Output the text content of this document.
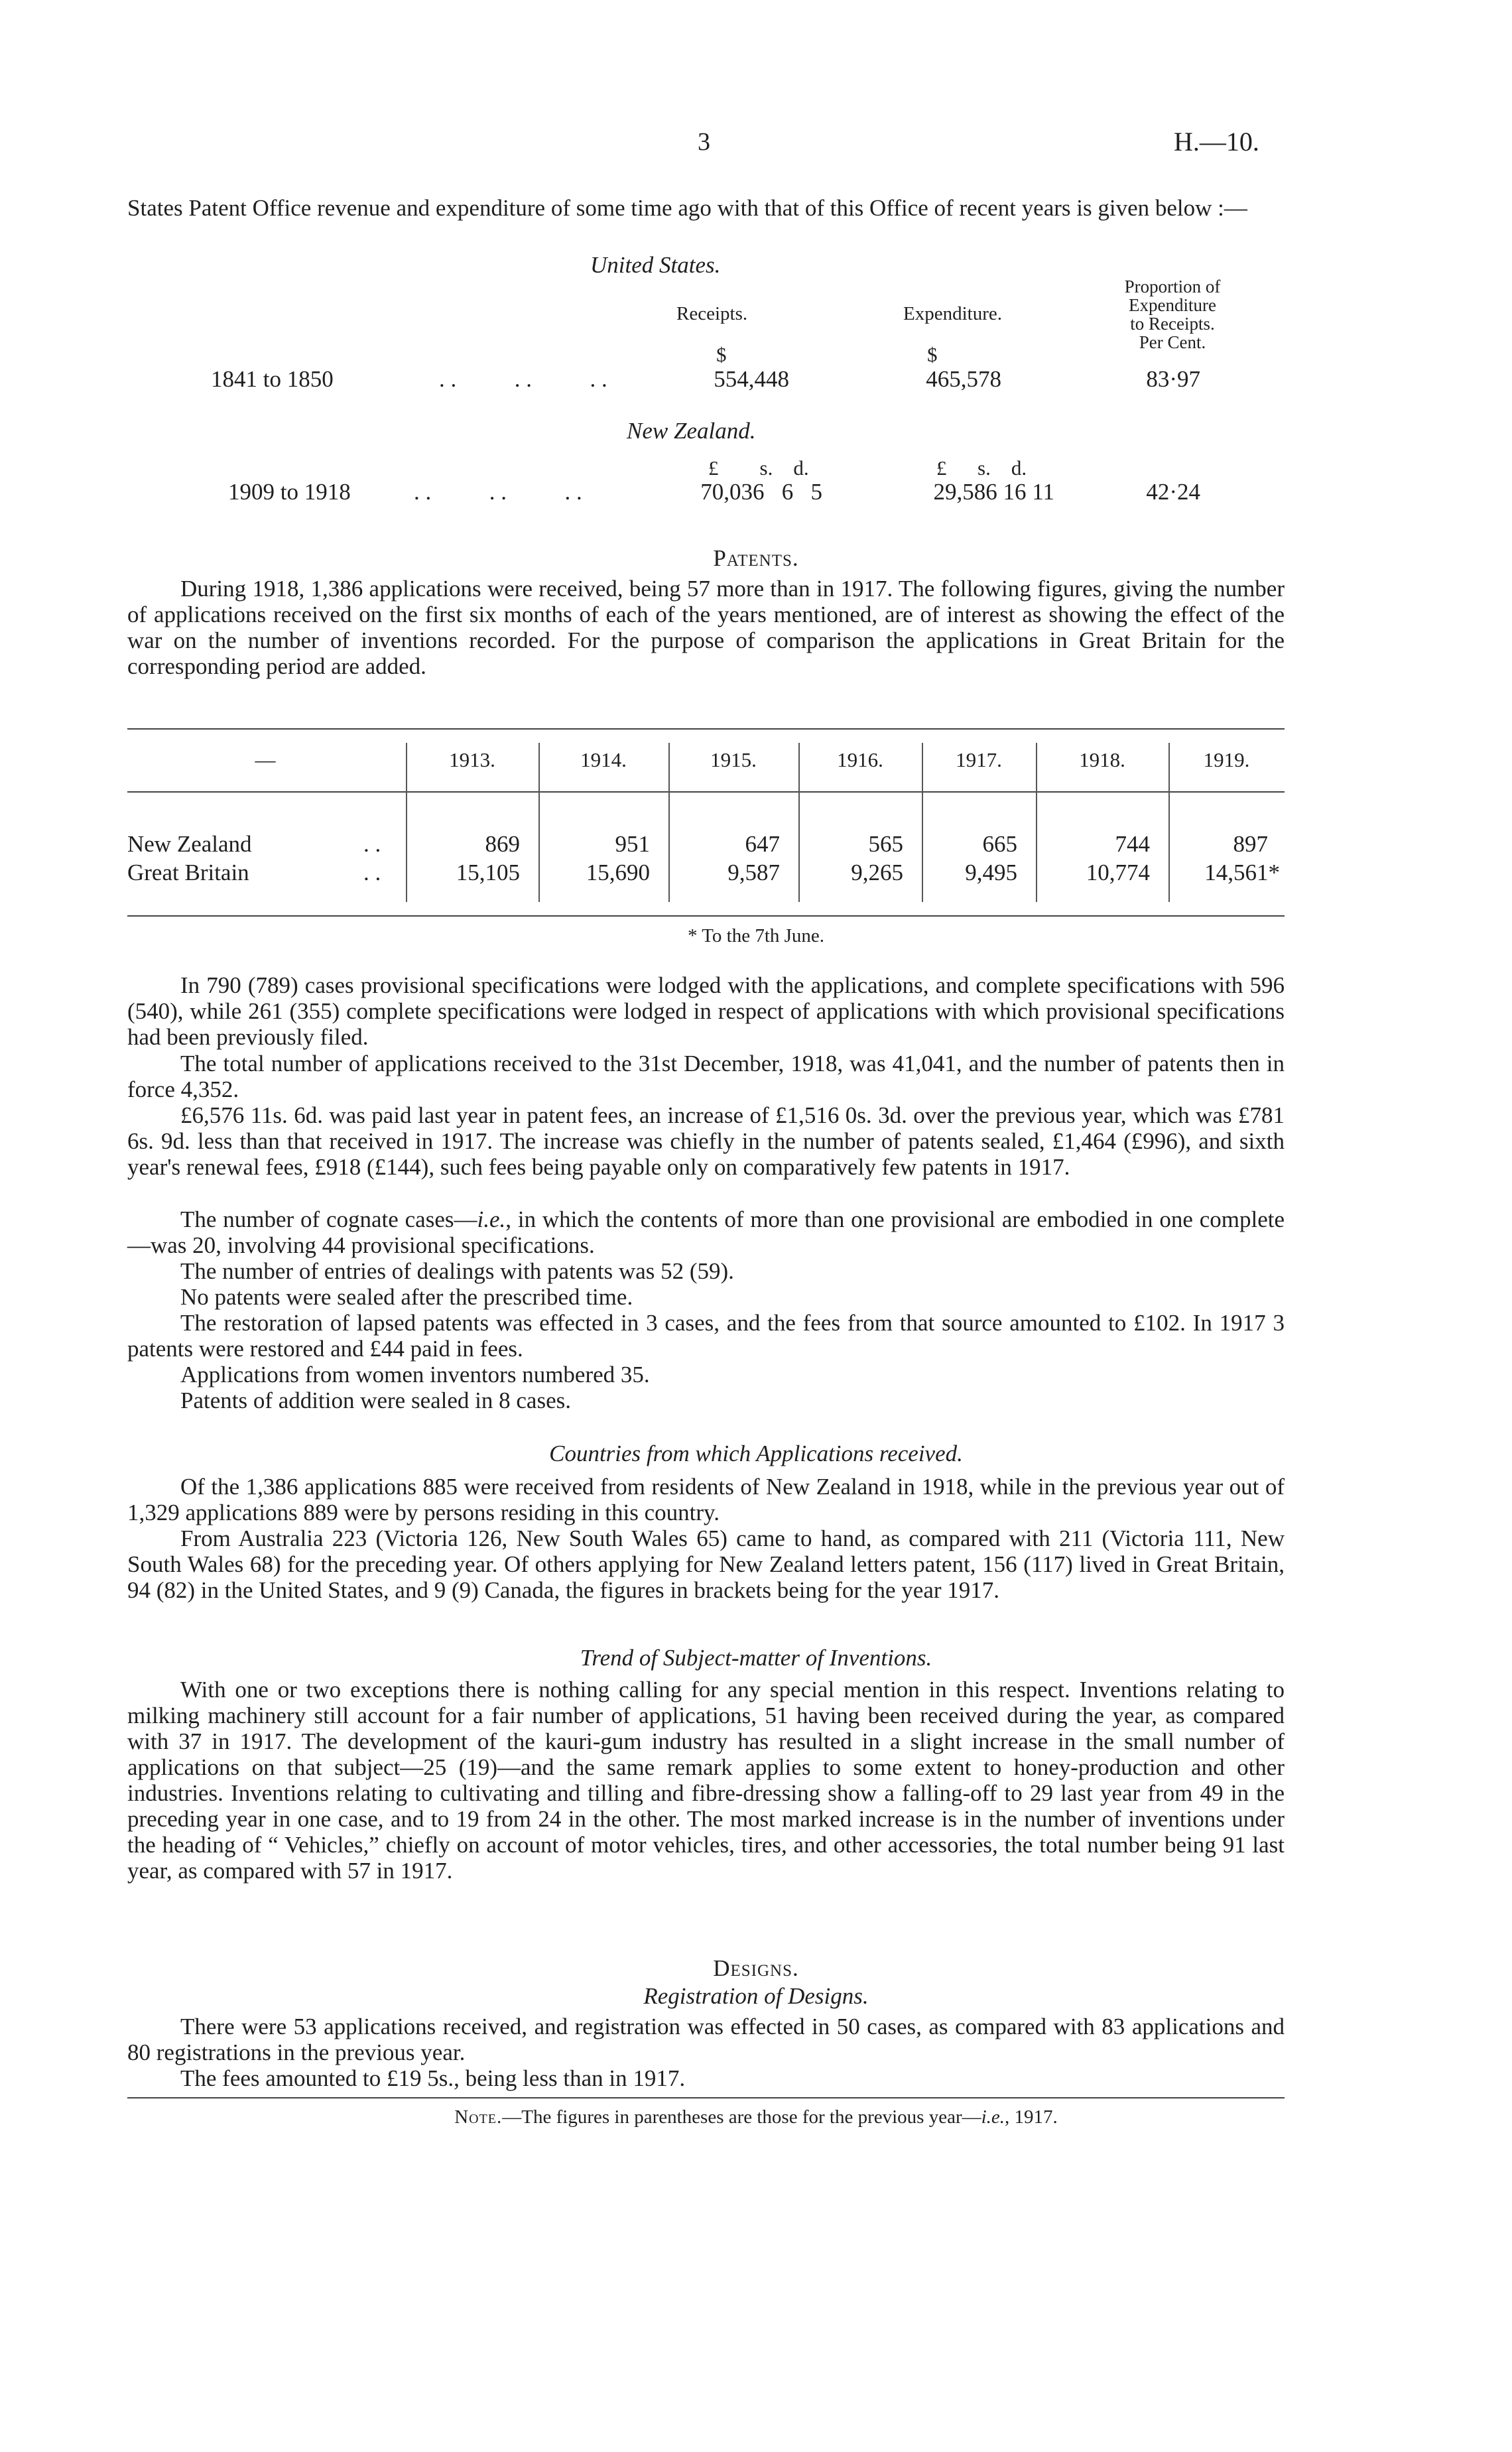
3	H.—10.
States Patent Office revenue and expenditure of some time ago with that of this Office of recent years is given below :—
United States.
Receipts.	Expenditure.
Proportion of
Expenditure
to Receipts.
Per Cent.
$	$
1841 to 1850	. .          . .          . .	554,448	465,578	83·97
New Zealand.
£        s.    d.	£      s.    d.
1909 to 1918	. .          . .          . .	70,036   6   5	29,586 16 11	42·24
Patents.
During 1918, 1,386 applications were received, being 57 more than in 1917. The following figures, giving the number of applications received on the first six months of each of the years mentioned, are of interest as showing the effect of the war on the number of inventions recorded. For the purpose of comparison the applications in Great Britain for the corresponding period are added.
—	1913.	1914.	1915.	1916.	1917.	1918.	1919.
New Zealand	. .	869	951	647	565	665	744	897
Great Britain	. .	15,105	15,690	9,587	9,265	9,495	10,774	14,561*
* To the 7th June.
In 790 (789) cases provisional specifications were lodged with the applications, and complete specifications with 596 (540), while 261 (355) complete specifications were lodged in respect of applications with which provisional specifications had been previously filed.
The total number of applications received to the 31st December, 1918, was 41,041, and the number of patents then in force 4,352.
£6,576 11s. 6d. was paid last year in patent fees, an increase of £1,516 0s. 3d. over the previous year, which was £781 6s. 9d. less than that received in 1917. The increase was chiefly in the number of patents sealed, £1,464 (£996), and sixth year's renewal fees, £918 (£144), such fees being payable only on comparatively few patents in 1917.
The number of cognate cases—i.e., in which the contents of more than one provisional are embodied in one complete—was 20, involving 44 provisional specifications.
The number of entries of dealings with patents was 52 (59).
No patents were sealed after the prescribed time.
The restoration of lapsed patents was effected in 3 cases, and the fees from that source amounted to £102. In 1917 3 patents were restored and £44 paid in fees.
Applications from women inventors numbered 35.
Patents of addition were sealed in 8 cases.
Countries from which Applications received.
Of the 1,386 applications 885 were received from residents of New Zealand in 1918, while in the previous year out of 1,329 applications 889 were by persons residing in this country.
From Australia 223 (Victoria 126, New South Wales 65) came to hand, as compared with 211 (Victoria 111, New South Wales 68) for the preceding year. Of others applying for New Zealand letters patent, 156 (117) lived in Great Britain, 94 (82) in the United States, and 9 (9) Canada, the figures in brackets being for the year 1917.
Trend of Subject-matter of Inventions.
With one or two exceptions there is nothing calling for any special mention in this respect. Inventions relating to milking machinery still account for a fair number of applications, 51 having been received during the year, as compared with 37 in 1917. The development of the kauri-gum industry has resulted in a slight increase in the small number of applications on that subject—25 (19)—and the same remark applies to some extent to honey-production and other industries. Inventions relating to cultivating and tilling and fibre-dressing show a falling-off to 29 last year from 49 in the preceding year in one case, and to 19 from 24 in the other. The most marked increase is in the number of inventions under the heading of “ Vehicles,” chiefly on account of motor vehicles, tires, and other accessories, the total number being 91 last year, as compared with 57 in 1917.
Designs.
Registration of Designs.
There were 53 applications received, and registration was effected in 50 cases, as compared with 83 applications and 80 registrations in the previous year.
The fees amounted to £19 5s., being less than in 1917.
Note.—The figures in parentheses are those for the previous year—i.e., 1917.
